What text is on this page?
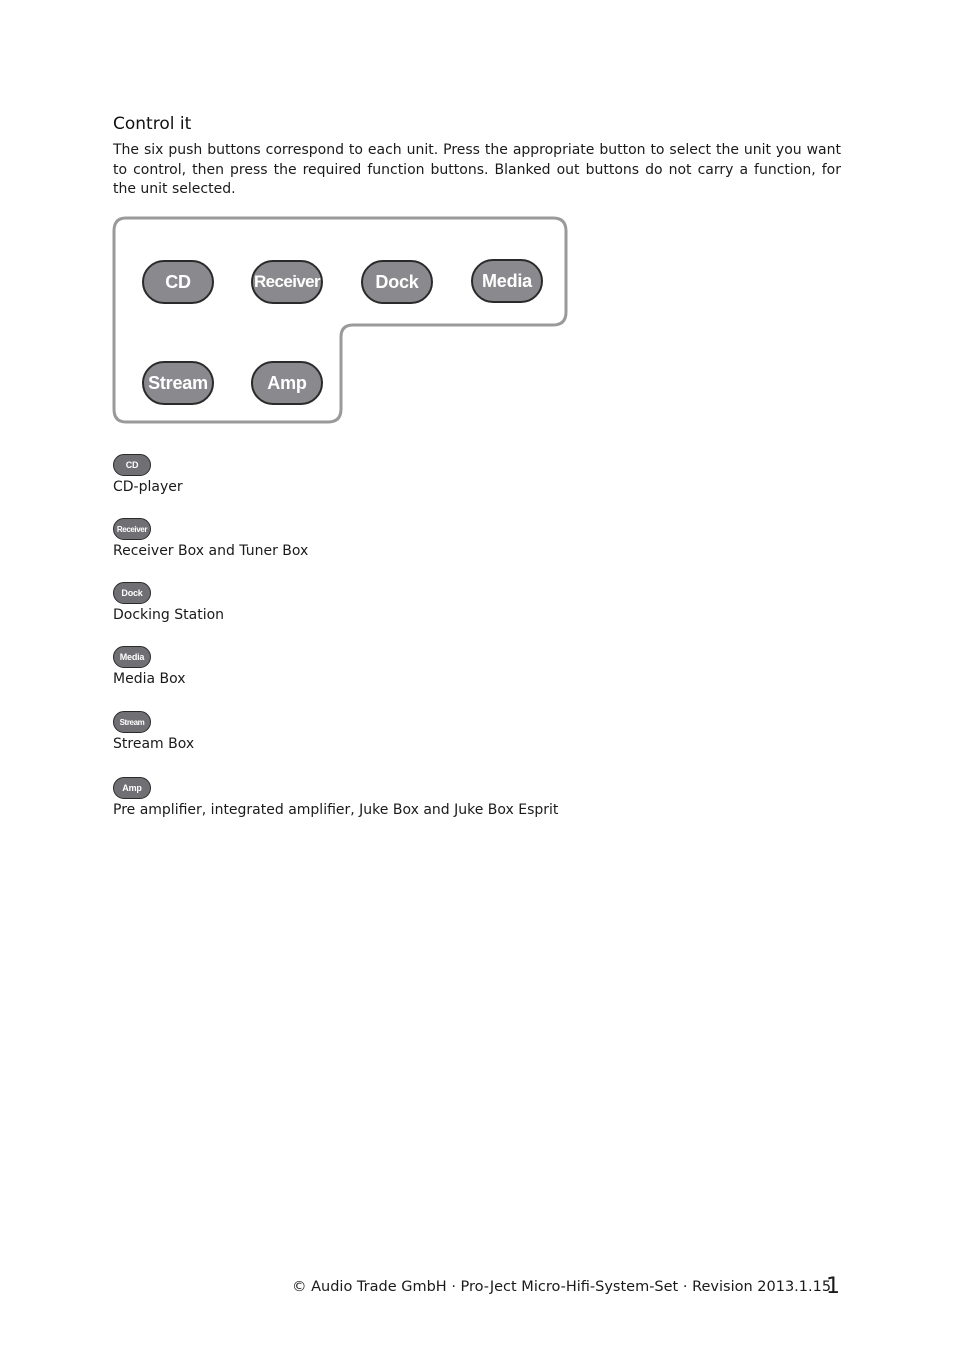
Control it

The six push buttons correspond to each unit. Press the appropriate button to select the unit you want to control, then press the required function buttons. Blanked out buttons do not carry a function, for the unit selected.

CD	Receiver	Dock	Media
Stream	Amp
CD
CD-player
Receiver
Receiver Box and Tuner Box
Dock
Docking Station
Media
Media Box
Stream
Stream Box
Amp
Pre amplifier, integrated amplifier, Juke Box and Juke Box Esprit
© Audio Trade GmbH · Pro-Ject Micro-Hifi-System-Set · Revision 2013.1.15
1
